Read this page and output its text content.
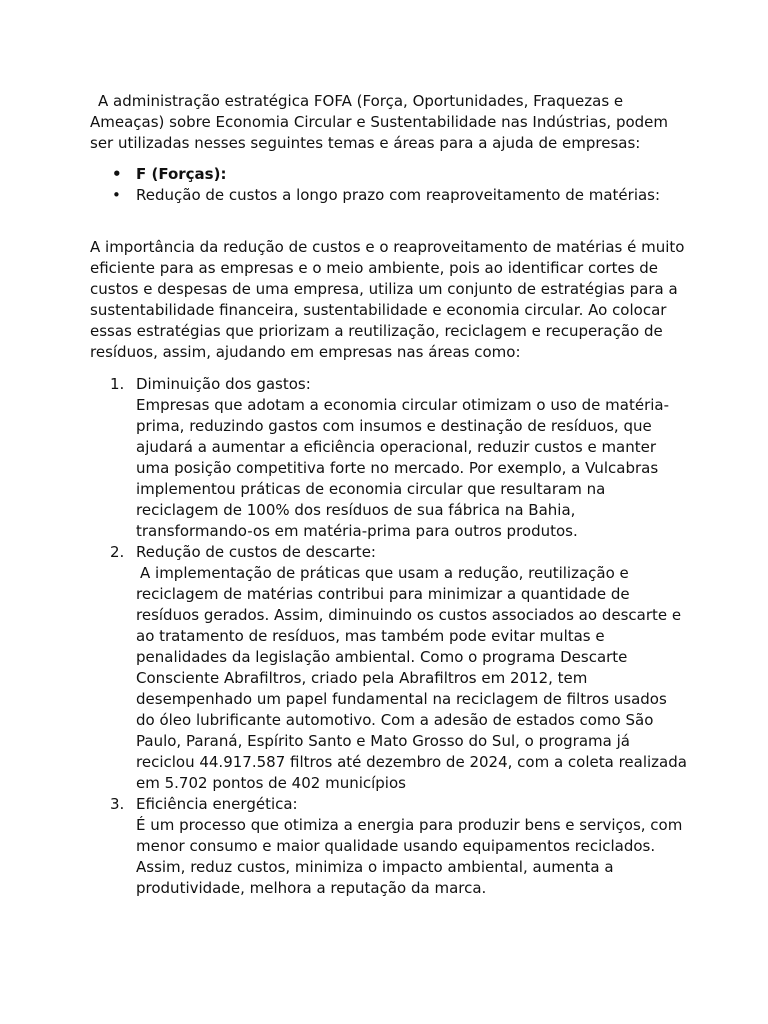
A administração estratégica FOFA (Força, Oportunidades, Fraquezas e Ameaças) sobre Economia Circular e Sustentabilidade nas Indústrias, podem ser utilizadas nesses seguintes temas e áreas para a ajuda de empresas:

• F (Forças):
• Redução de custos a longo prazo com reaproveitamento de matérias:

A importância da redução de custos e o reaproveitamento de matérias é muito eficiente para as empresas e o meio ambiente, pois ao identificar cortes de custos e despesas de uma empresa, utiliza um conjunto de estratégias para a sustentabilidade financeira, sustentabilidade e economia circular. Ao colocar essas estratégias que priorizam a reutilização, reciclagem e recuperação de resíduos, assim, ajudando em empresas nas áreas como:

1. Diminuição dos gastos:
Empresas que adotam a economia circular otimizam o uso de matéria-prima, reduzindo gastos com insumos e destinação de resíduos, que ajudará a aumentar a eficiência operacional, reduzir custos e manter uma posição competitiva forte no mercado. Por exemplo, a Vulcabras implementou práticas de economia circular que resultaram na reciclagem de 100% dos resíduos de sua fábrica na Bahia, transformando-os em matéria-prima para outros produtos.
2. Redução de custos de descarte:
A implementação de práticas que usam a redução, reutilização e reciclagem de matérias contribui para minimizar a quantidade de resíduos gerados. Assim, diminuindo os custos associados ao descarte e ao tratamento de resíduos, mas também pode evitar multas e penalidades da legislação ambiental. Como o programa Descarte Consciente Abrafiltros, criado pela Abrafiltros em 2012, tem desempenhado um papel fundamental na reciclagem de filtros usados do óleo lubrificante automotivo. Com a adesão de estados como São Paulo, Paraná, Espírito Santo e Mato Grosso do Sul, o programa já reciclou 44.917.587 filtros até dezembro de 2024, com a coleta realizada em 5.702 pontos de 402 municípios
3. Eficiência energética:
É um processo que otimiza a energia para produzir bens e serviços, com menor consumo e maior qualidade usando equipamentos reciclados. Assim, reduz custos, minimiza o impacto ambiental, aumenta a produtividade, melhora a reputação da marca.
